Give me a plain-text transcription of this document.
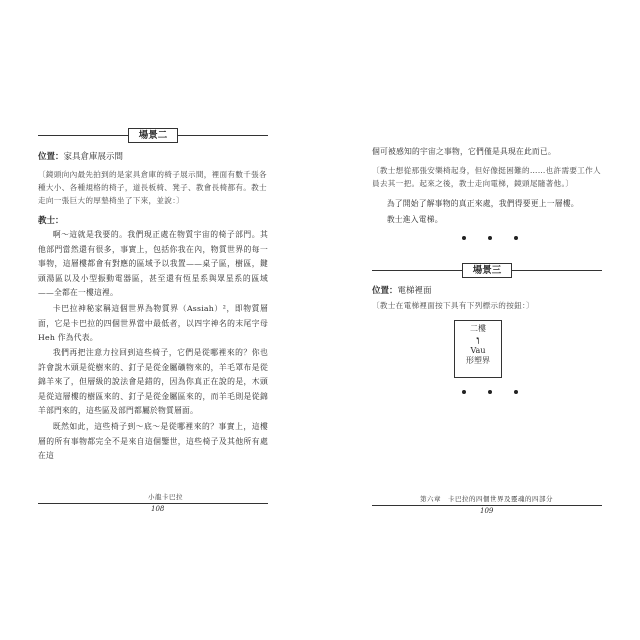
場景二
位置：家具倉庫展示間
〔鏡頭向內最先拍到的是家具倉庫的椅子展示間，裡面有數千張各種大小、各種規格的椅子，道長板椅、凳子、教會長椅都有。教士走向一張巨大的厚墊椅坐了下來，並說：〕
教士：
啊～這就是我要的。我們現正處在物質宇宙的椅子部門。其他部門當然還有很多，事實上，包括你我在內，物質世界的每一事物，這層樓都會有對應的區域予以我置——桌子區，樹區，鍵頭湯區以及小型振動電器區，甚至還有恆星系與眾星系的區域——全都在一樓這裡。
卡巴拉神秘家稱這個世界為物質界（Assiah）²，即物質層面，它是卡巴拉的四個世界當中最低者，以四字神名的末尾字母 Heh 作為代表。
我們再把注意力拉回到這些椅子，它們是從哪裡來的？你也許會說木頭是從樹來的、釘子是從金屬礦物來的，羊毛罩布是從錦羊來了，但層級的說法會是錯的，因為你真正在說的是，木頭是從這層樓的樹區來的、釘子是從金屬區來的，而羊毛則是從錦羊部門來的，這些區及部門都屬於物質層面。
既然如此，這些椅子到～底～是從哪裡來的？事實上，這樓層的所有事物都完全不是來自這個鑒世，這些椅子及其他所有處在這
小龍卡巴拉
108
個可被感知的宇宙之事物，它們僅是具現在此而已。
〔教士想從那張安樂椅起身，但好像挺困難的……也許需要工作人員去其一把。起來之後，教士走向電梯，鏡頭尾隨著他。〕
為了開始了解事物的真正來處，我們得要更上一層樓。
教士進入電梯。
場景三
位置：電梯裡面
〔教士在電梯裡面按下具有下列標示的按鈕：〕
二樓
ו
Vau
形塑界
第六章　卡巴拉的四個世界及靈魂的四部分
109
